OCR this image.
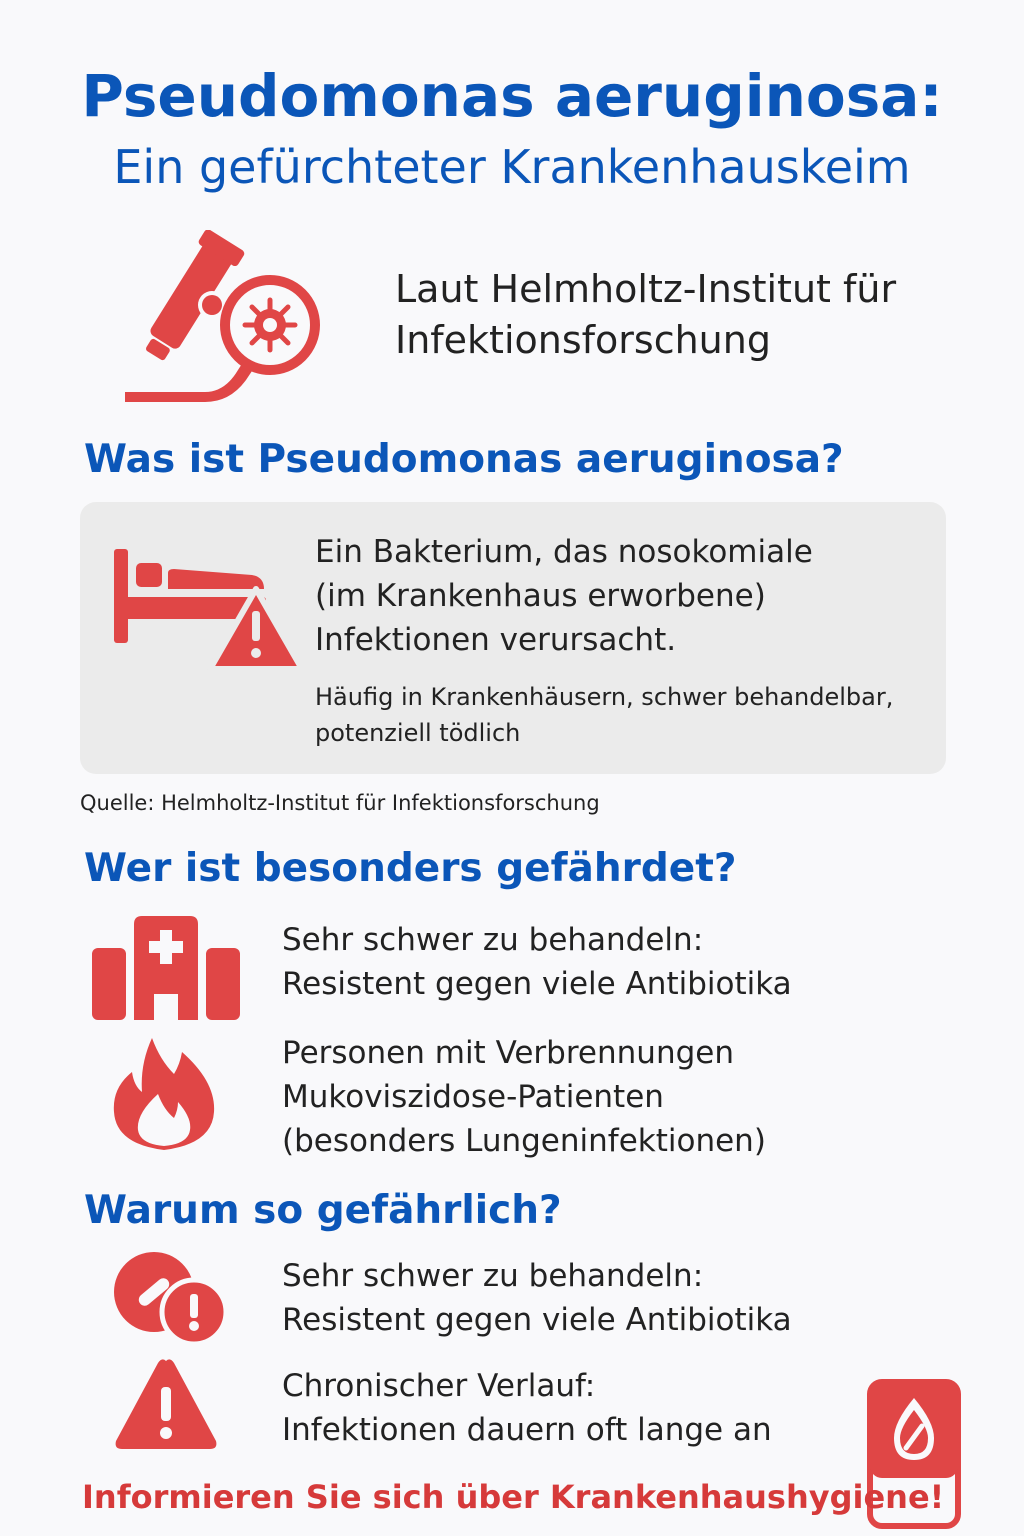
Pseudomonas aeruginosa:
Ein gefürchteter Krankenhauskeim
Laut Helmholtz-Institut für
Infektionsforschung
Was ist Pseudomonas aeruginosa?
Ein Bakterium, das nosokomiale
(im Krankenhaus erworbene)
Infektionen verursacht.
Häufig in Krankenhäusern, schwer behandelbar,
potenziell tödlich
Quelle: Helmholtz-Institut für Infektionsforschung
Wer ist besonders gefährdet?
Sehr schwer zu behandeln:
Resistent gegen viele Antibiotika
Personen mit Verbrennungen
Mukoviszidose-Patienten
(besonders Lungeninfektionen)
Warum so gefährlich?
Sehr schwer zu behandeln:
Resistent gegen viele Antibiotika
Chronischer Verlauf:
Infektionen dauern oft lange an
Informieren Sie sich über Krankenhaushygiene!
